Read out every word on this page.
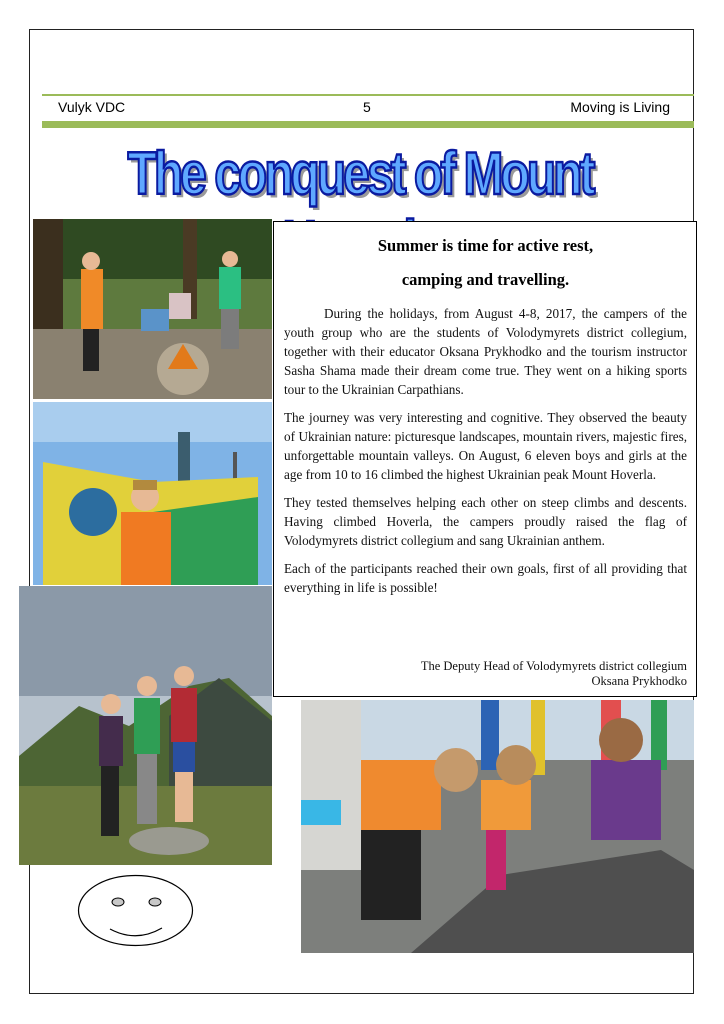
Vulyk VDC	5	Moving is Living
The conquest of Mount
Summer is time for active rest,
camping and travelling.

During the holidays, from August 4-8, 2017, the campers of the youth group who are the students of Volodymyrets district collegium, together with their educator Oksana Prykhodko and the tourism instructor Sasha Shama made their dream come true. They went on a hiking sports tour to the Ukrainian Carpathians.

The journey was very interesting and cognitive. They observed the beauty of Ukrainian nature: picturesque landscapes, mountain rivers, majestic fires, unforgettable mountain valleys. On August, 6 eleven boys and girls at the age from 10 to 16 climbed the highest Ukrainian peak Mount Hoverla.

They tested themselves helping each other on steep climbs and descents. Having climbed Hoverla, the campers proudly raised the flag of Volodymyrets district collegium and sang Ukrainian anthem.

Each of the participants reached their own goals, first of all providing that everything in life is possible!

The Deputy Head of Volodymyrets district collegium
Oksana Prykhodko
